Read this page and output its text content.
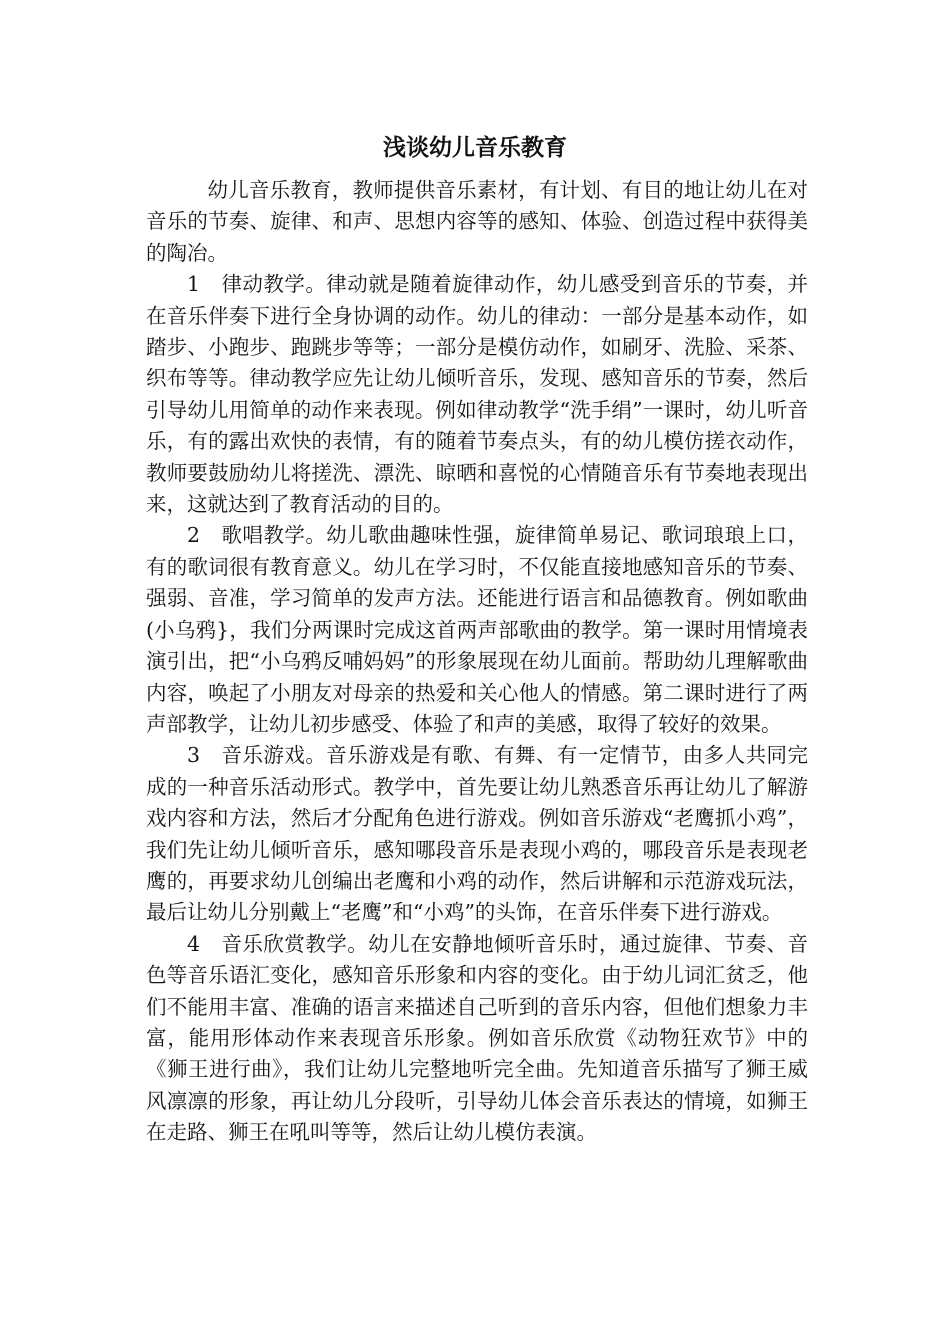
浅谈幼儿音乐教育

幼儿音乐教育，教师提供音乐素材，有计划、有目的地让幼儿在对音乐的节奏、旋律、和声、思想内容等的感知、体验、创造过程中获得美的陶冶。

1　律动教学。律动就是随着旋律动作，幼儿感受到音乐的节奏，并在音乐伴奏下进行全身协调的动作。幼儿的律动：一部分是基本动作，如踏步、小跑步、跑跳步等等；一部分是模仿动作，如刷牙、洗脸、采茶、织布等等。律动教学应先让幼儿倾听音乐，发现、感知音乐的节奏，然后引导幼儿用简单的动作来表现。例如律动教学“洗手绢”一课时，幼儿听音乐，有的露出欢快的表情，有的随着节奏点头，有的幼儿模仿搓衣动作，教师要鼓励幼儿将搓洗、漂洗、晾晒和喜悦的心情随音乐有节奏地表现出来，这就达到了教育活动的目的。

2　歌唱教学。幼儿歌曲趣味性强，旋律简单易记、歌词琅琅上口，有的歌词很有教育意义。幼儿在学习时，不仅能直接地感知音乐的节奏、强弱、音准，学习简单的发声方法。还能进行语言和品德教育。例如歌曲(小乌鸦}，我们分两课时完成这首两声部歌曲的教学。第一课时用情境表演引出，把“小乌鸦反哺妈妈”的形象展现在幼儿面前。帮助幼儿理解歌曲内容，唤起了小朋友对母亲的热爱和关心他人的情感。第二课时进行了两声部教学，让幼儿初步感受、体验了和声的美感，取得了较好的效果。

3　音乐游戏。音乐游戏是有歌、有舞、有一定情节，由多人共同完成的一种音乐活动形式。教学中，首先要让幼儿熟悉音乐再让幼儿了解游戏内容和方法，然后才分配角色进行游戏。例如音乐游戏“老鹰抓小鸡”，我们先让幼儿倾听音乐，感知哪段音乐是表现小鸡的，哪段音乐是表现老鹰的，再要求幼儿创编出老鹰和小鸡的动作，然后讲解和示范游戏玩法，最后让幼儿分别戴上“老鹰”和“小鸡”的头饰，在音乐伴奏下进行游戏。

4　音乐欣赏教学。幼儿在安静地倾听音乐时，通过旋律、节奏、音色等音乐语汇变化，感知音乐形象和内容的变化。由于幼儿词汇贫乏，他们不能用丰富、准确的语言来描述自己听到的音乐内容，但他们想象力丰富，能用形体动作来表现音乐形象。例如音乐欣赏《动物狂欢节》中的《狮王进行曲》，我们让幼儿完整地听完全曲。先知道音乐描写了狮王威风凛凛的形象，再让幼儿分段听，引导幼儿体会音乐表达的情境，如狮王在走路、狮王在吼叫等等，然后让幼儿模仿表演。
